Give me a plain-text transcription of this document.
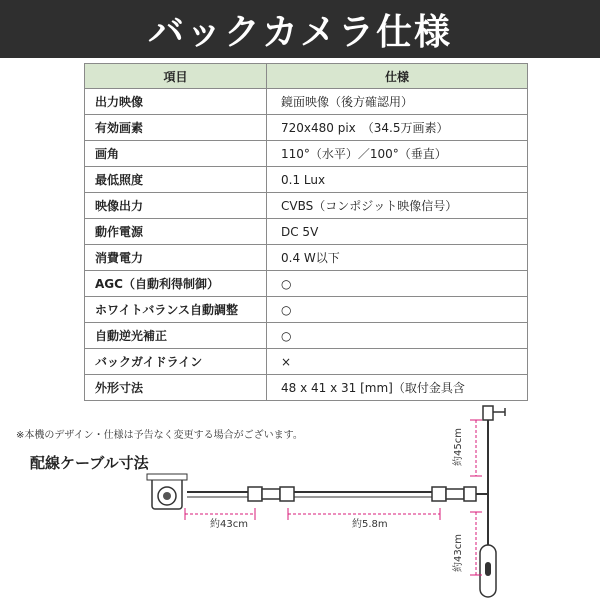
バックカメラ仕様
項目	仕様
出力映像	鏡面映像（後方確認用）
有効画素	720x480 pix　（34.5万画素）
画角	110°（水平）／100°（垂直）
最低照度	0.1 Lux
映像出力	CVBS（コンポジット映像信号）
動作電源	DC 5V
消費電力	0.4 W以下
AGC（自動利得制御）	○
ホワイトバランス自動調整	○
自動逆光補正	○
バックガイドライン	×
外形寸法	48 x 41 x 31 [mm]（取付金具含
※本機のデザイン・仕様は予告なく変更する場合がございます。
配線ケーブル寸法
約43cm	約5.8m
約45cm
約43cm
